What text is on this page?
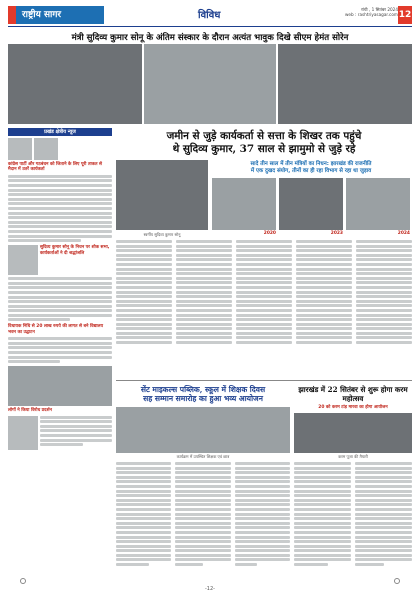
राष्ट्रीय सागर	विविध
रांची , 1 सितंबर 2024
web : rashtriyasagar.com 12
मंत्री सुदिव्य कुमार सोनू के अंतिम संस्कार के दौरान अत्यंत भावुक दिखे सीएम हेमंत सोरेन
प्रखंड क्षेत्रीय न्यूज
कांग्रेस पार्टी और गठबंधन को जिताने के लिए पूरी ताकत से मैदान में उतरें कार्यकर्ता
सुदिव्य कुमार सोनू के निधन पर शोक सभा, कार्यकर्ताओं ने दी श्रद्धांजलि
विधायक निधि से 20 लाख रुपये की लागत से बने विद्यालय भवन का उद्घाटन
लोगों ने किया विरोध प्रदर्शन
जमीन से जुड़े कार्यकर्ता से सत्ता के शिखर तक पहुंचे
थे सुदिव्य कुमार, 37 साल से झामुमो से जुड़े रहे
स्वर्गीय सुदिव्य कुमार सोनू
सादे तीन साल में तीन मंत्रियों का निधन: झारखंड की राजनीति
में एक दुखद संयोग, तीनों का ही रहा विभाग से रहा था जुड़ाव
2020	2023	2024
सेंट माइकल्स पब्लिक, स्कूल में शिक्षक दिवस
सह सम्मान समारोह का हुआ भव्य आयोजन
कार्यक्रम में उपस्थित शिक्षक एवं छात्र
झारखंड में 22 सितंबर से शुरू होगा करम महोत्सव
20 को करम टांड़ मारवा का होगा आयोजन
करम पूजा की तैयारी
-12-
